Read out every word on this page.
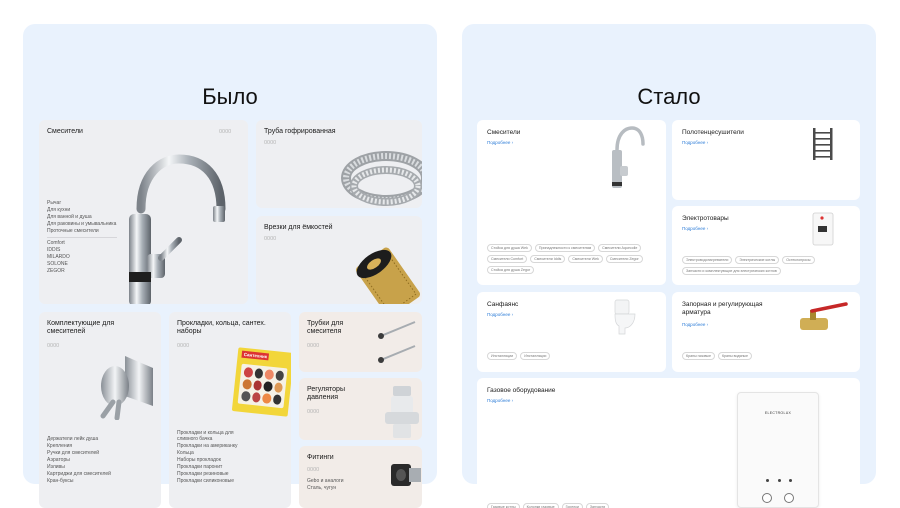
Было
Смесители	0000
Рычаг
Для кухни
Для ванной и душа
Для раковины и умывальника
Проточные смесители
Comfort
IDDIS
MILARDO
SOLONE
ZEGOR
Труба гофрированная
0000
Врезки для ёмкостей
0000
Комплектующие для смесителей
0000
Держатели лейк душа
Крепления
Ручки для смесителей
Аэраторы
Изливы
Картриджи для смесителей
Кран-буксы
Прокладки, кольца, сантех. наборы
0000
Сантехник
Прокладки и кольца для сливного бачка
Прокладки на американку
Кольца
Наборы прокладок
Прокладки паронит
Прокладки резиновые
Прокладки силиконовые
Трубки для смесителя
0000
Регуляторы давления
0000
Фитинги
0000
Gebo и аналоги
Сталь, чугун
Стало
Смесители
Подробнее ›
Стойка для душа Wek	Принадлежности к смесителям	Смесители Аquecolle
Смесители Comfort	Смесители Iddis	Смесители Wek	Смесители Zegor
Стойка для душа Zegor
Полотенцесушители
Подробнее ›
Электротовары
Подробнее ›
Электроводонагреватели	Электрические котлы	Остеклопросы
Запчасти и комплектующие для электрических котлов
Санфаянс
Подробнее ›
Инсталляции	Инсталляции
Запорная и регулирующая арматура
Подробнее ›
Краны газовые	Краны водяные
Газовое оборудование
Подробнее ›
ELECTROLUX
Газовые котлы	Колонки газовые	Горелки	Запчасти
